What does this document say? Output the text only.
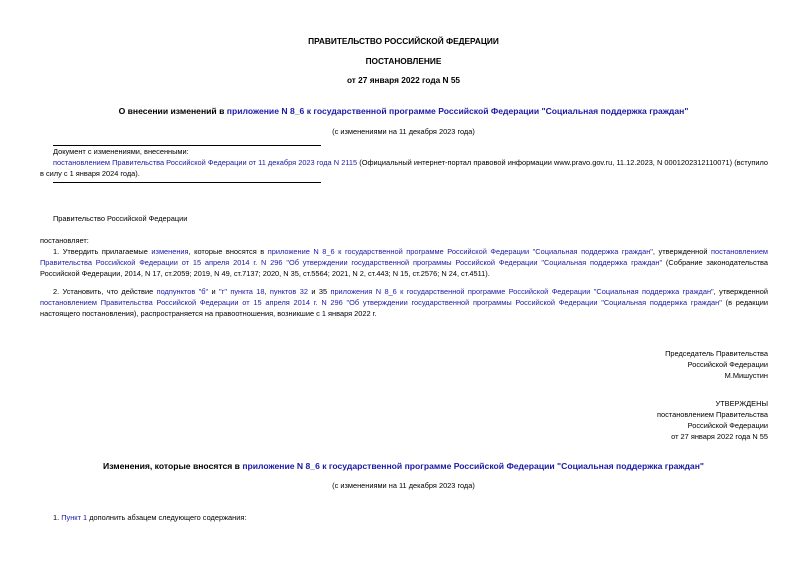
ПРАВИТЕЛЬСТВО РОССИЙСКОЙ ФЕДЕРАЦИИ
ПОСТАНОВЛЕНИЕ
от 27 января 2022 года N 55
О внесении изменений в приложение N 8_6 к государственной программе Российской Федерации "Социальная поддержка граждан"
(с изменениями на 11 декабря 2023 года)
Документ с изменениями, внесенными:
постановлением Правительства Российской Федерации от 11 декабря 2023 года N 2115 (Официальный интернет-портал правовой информации www.pravo.gov.ru, 11.12.2023, N 0001202312110071) (вступило в силу с 1 января 2024 года).
Правительство Российской Федерации
постановляет:
1. Утвердить прилагаемые изменения, которые вносятся в приложение N 8_6 к государственной программе Российской Федерации "Социальная поддержка граждан", утвержденной постановлением Правительства Российской Федерации от 15 апреля 2014 г. N 296 "Об утверждении государственной программы Российской Федерации "Социальная поддержка граждан" (Собрание законодательства Российской Федерации, 2014, N 17, ст.2059; 2019, N 49, ст.7137; 2020, N 35, ст.5564; 2021, N 2, ст.443; N 15, ст.2576; N 24, ст.4511).
2. Установить, что действие подпунктов "б" и "г" пункта 18, пунктов 32 и 35 приложения N 8_6 к государственной программе Российской Федерации "Социальная поддержка граждан", утвержденной постановлением Правительства Российской Федерации от 15 апреля 2014 г. N 296 "Об утверждении государственной программы Российской Федерации "Социальная поддержка граждан" (в редакции настоящего постановления), распространяется на правоотношения, возникшие с 1 января 2022 г.
Председатель Правительства
Российской Федерации
М.Мишустин
УТВЕРЖДЕНЫ
постановлением Правительства
Российской Федерации
от 27 января 2022 года N 55
Изменения, которые вносятся в приложение N 8_6 к государственной программе Российской Федерации "Социальная поддержка граждан"
(с изменениями на 11 декабря 2023 года)
1. Пункт 1 дополнить абзацем следующего содержания:
